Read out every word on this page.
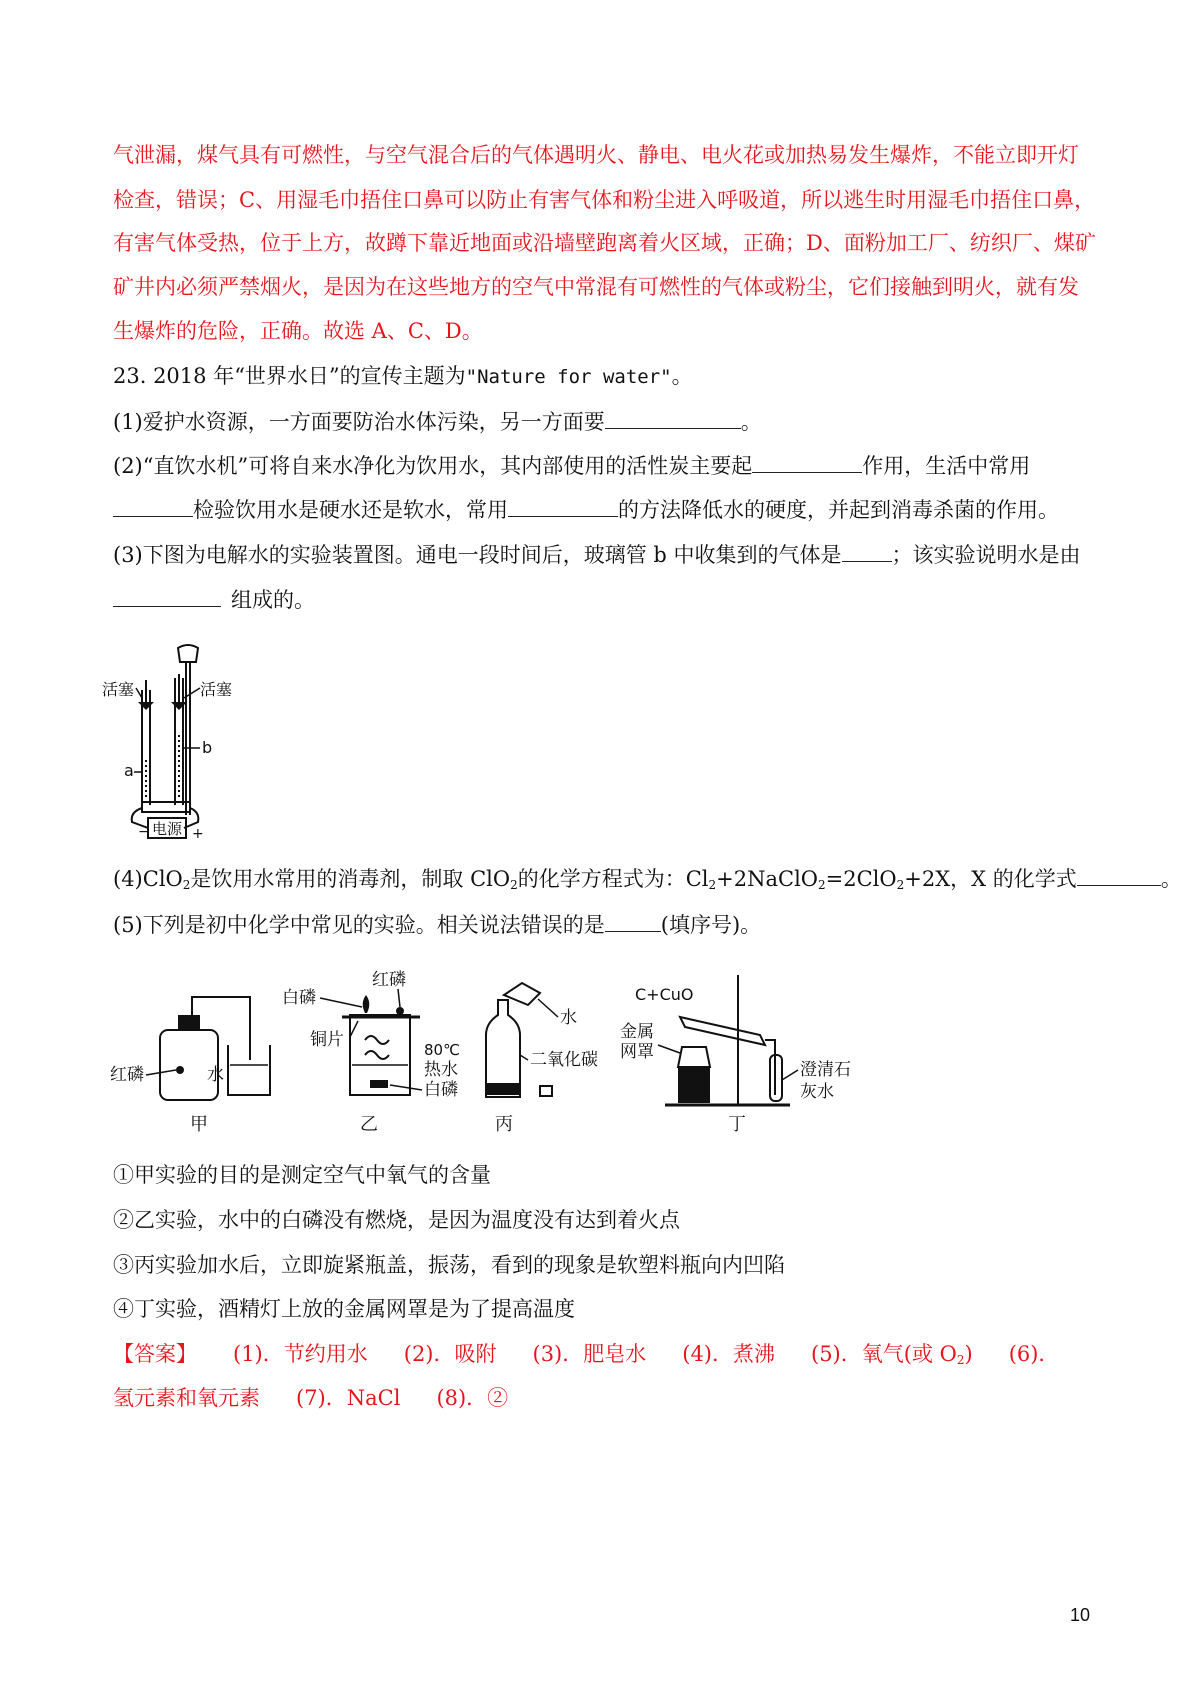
气泄漏，煤气具有可燃性，与空气混合后的气体遇明火、静电、电火花或加热易发生爆炸，不能立即开灯
检查，错误；C、用湿毛巾捂住口鼻可以防止有害气体和粉尘进入呼吸道，所以逃生时用湿毛巾捂住口鼻，
有害气体受热，位于上方，故蹲下靠近地面或沿墙壁跑离着火区域，正确；D、面粉加工厂、纺织厂、煤矿
矿井内必须严禁烟火，是因为在这些地方的空气中常混有可燃性的气体或粉尘，它们接触到明火，就有发
生爆炸的危险，正确。故选 A、C、D。
23. 2018 年“世界水日”的宣传主题为"Nature for water"。
(1)爱护水资源，一方面要防治水体污染，另一方面要	。
(2)“直饮水机”可将自来水净化为饮用水，其内部使用的活性炭主要起	作用，生活中常用
检验饮用水是硬水还是软水，常用	的方法降低水的硬度，并起到消毒杀菌的作用。
(3)下图为电解水的实验装置图。通电一段时间后，玻璃管 b 中收集到的气体是 ；该实验说明水是由
组成的。
电源
−	+
活塞	活塞
b
a
(4)ClO$_2$是饮用水常用的消毒剂，制取 ClO$_2$的化学方程式为：$Cl_2+2NaClO_2=2ClO_2+2X$，X 的化学式	。
(5)下列是初中化学中常见的实验。相关说法错误的是	(填序号)。
红磷	水
甲
红磷
白磷
铜片	80℃
热水
白磷
乙
水
二氧化碳
丙
C+CuO
金属
网罩
澄清石
灰水
丁
①甲实验的目的是测定空气中氧气的含量
②乙实验，水中的白磷没有燃烧，是因为温度没有达到着火点
③丙实验加水后，立即旋紧瓶盖，振荡，看到的现象是软塑料瓶向内凹陷
④丁实验，酒精灯上放的金属网罩是为了提高温度
【答案】 (1)．节约用水 (2)．吸附 (3)．肥皂水 (4)．煮沸 (5)．氧气(或 $O_2$) (6)．
氢元素和氧元素 (7)．NaCl (8)．②
10
